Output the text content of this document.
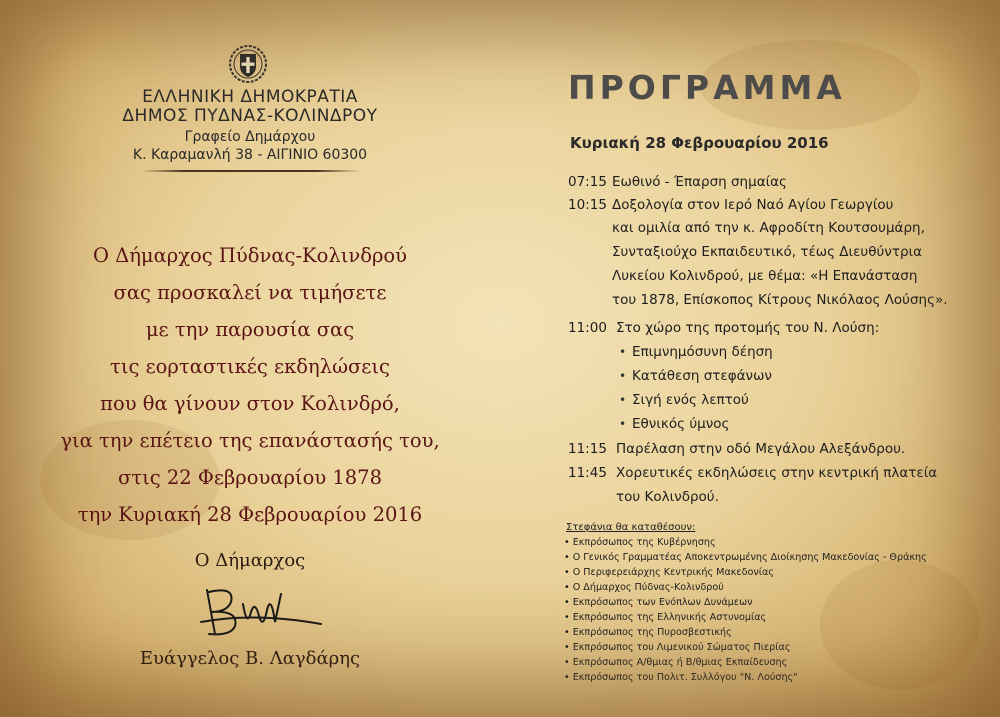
ΕΛΛΗΝΙΚΗ ΔΗΜΟΚΡΑΤΙΑ
ΔΗΜΟΣ ΠΥΔΝΑΣ-ΚΟΛΙΝΔΡΟΥ
Γραφείο Δημάρχου
Κ. Καραμανλή 38 - ΑΙΓΙΝΙΟ 60300
Ο Δήμαρχος Πύδνας-Κολινδρού
σας προσκαλεί να τιμήσετε
με την παρουσία σας
τις εορταστικές εκδηλώσεις
που θα γίνουν στον Κολινδρό,
για την επέτειο της επανάστασής του,
στις 22 Φεβρουαρίου 1878
την Κυριακή 28 Φεβρουαρίου 2016
Ο Δήμαρχος
Ευάγγελος Β. Λαγδάρης
ΠΡΟΓΡΑΜΜΑ
Κυριακή 28 Φεβρουαρίου 2016
07:15 Εωθινό - Έπαρση σημαίας
10:15 Δοξολογία στον Ιερό Ναό Αγίου Γεωργίου
και ομιλία από την κ. Αφροδίτη Κουτσουμάρη,
Συνταξιούχο Εκπαιδευτικό, τέως Διευθύντρια
Λυκείου Κολινδρού, με θέμα: «Η Επανάσταση
του 1878, Επίσκοπος Κίτρους Νικόλαος Λούσης».
11:00 Στο χώρο της προτομής του Ν. Λούση:
• Επιμνημόσυνη δέηση
• Κατάθεση στεφάνων
• Σιγή ενός λεπτού
• Εθνικός ύμνος
11:15 Παρέλαση στην οδό Μεγάλου Αλεξάνδρου.
11:45 Χορευτικές εκδηλώσεις στην κεντρική πλατεία
του Κολινδρού.
Στεφάνια θα καταθέσουν:
• Εκπρόσωπος της Κυβέρνησης
• Ο Γενικός Γραμματέας Αποκεντρωμένης Διοίκησης Μακεδονίας - Θράκης
• Ο Περιφερειάρχης Κεντρικής Μακεδονίας
• Ο Δήμαρχος Πύδνας-Κολινδρού
• Εκπρόσωπος των Ενόπλων Δυνάμεων
• Εκπρόσωπος της Ελληνικής Αστυνομίας
• Εκπρόσωπος της Πυροσβεστικής
• Εκπρόσωπος του Λιμενικού Σώματος Πιερίας
• Εκπρόσωπος Α/θμιας ή Β/θμιας Εκπαίδευσης
• Εκπρόσωπος του Πολιτ. Συλλόγου "Ν. Λούσης"
